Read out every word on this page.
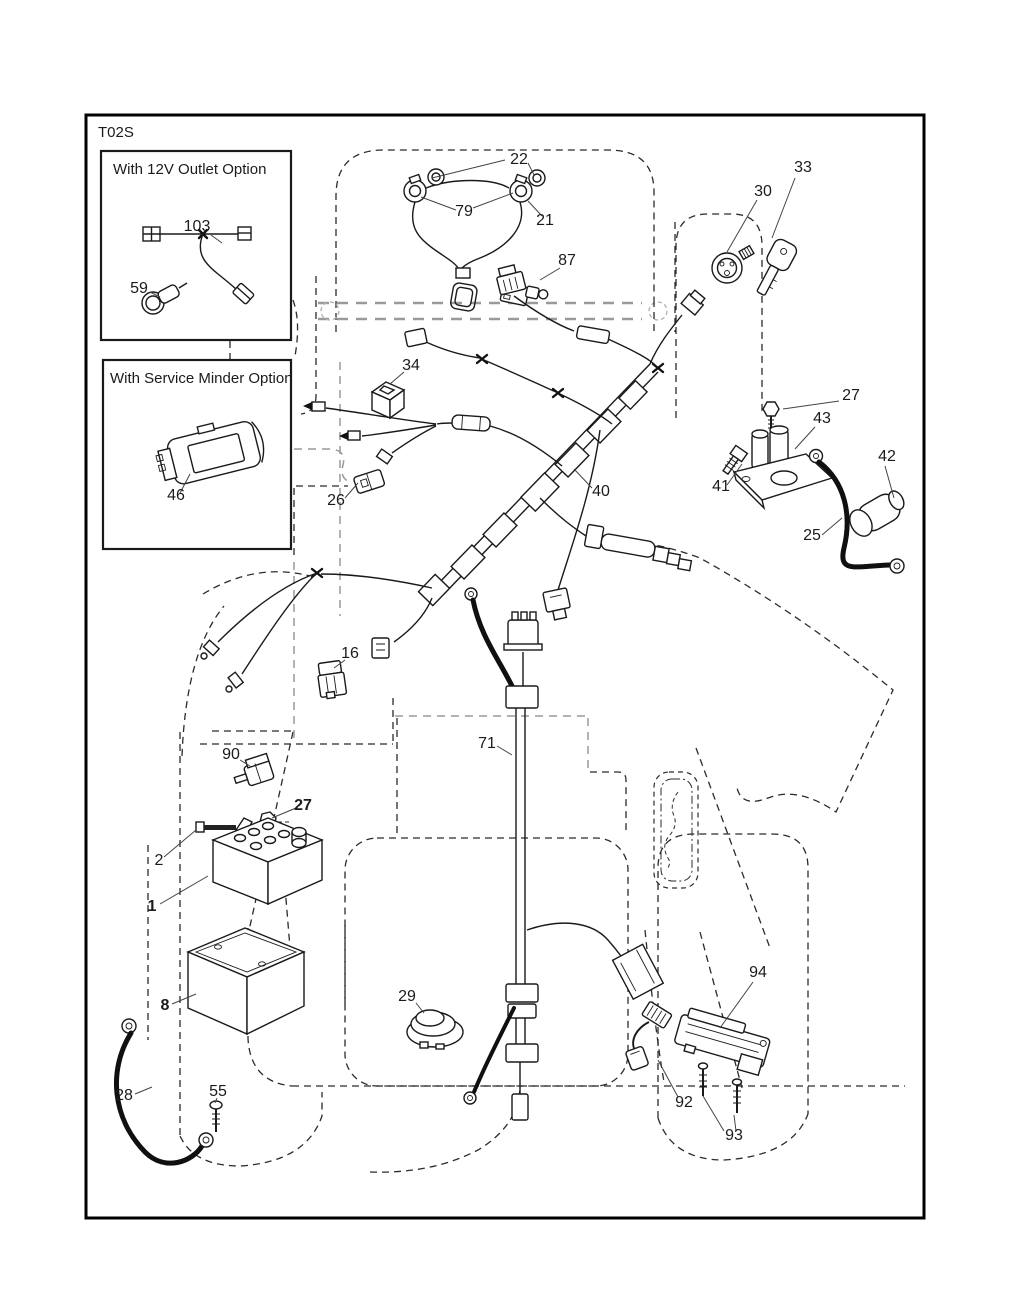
T02S
With 12V Outlet Option
With Service Minder Option
22
79
21
87
30
33
103
59
46
34
26
40
27
43
42
41
25
16
90
27
2
1
8
28	55
29
71
94
92
93
